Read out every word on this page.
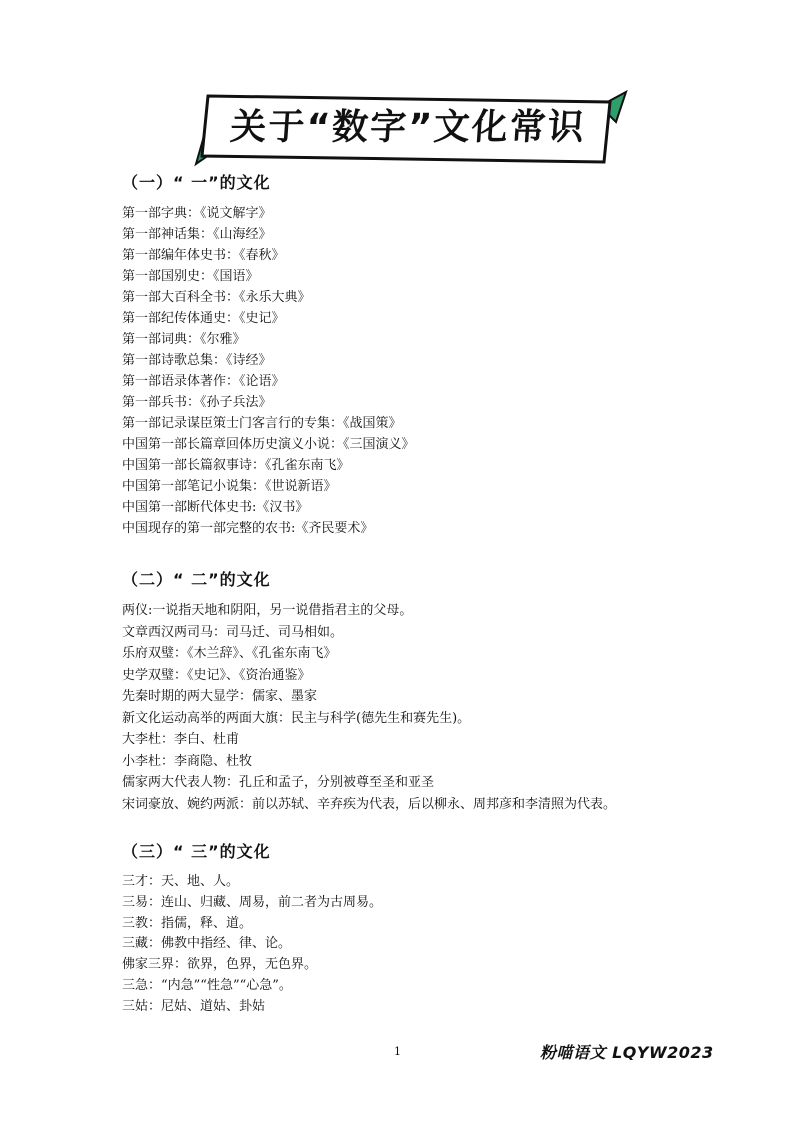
关于“数字”文化常识
（一）“ 一”的文化
第一部字典：《说文解字》
第一部神话集：《山海经》
第一部编年体史书：《春秋》
第一部国别史：《国语》
第一部大百科全书：《永乐大典》
第一部纪传体通史：《史记》
第一部词典：《尔雅》
第一部诗歌总集：《诗经》
第一部语录体著作：《论语》
第一部兵书：《孙子兵法》
第一部记录谋臣策士门客言行的专集：《战国策》
中国第一部长篇章回体历史演义小说：《三国演义》
中国第一部长篇叙事诗：《孔雀东南飞》
中国第一部笔记小说集：《世说新语》
中国第一部断代体史书:《汉书》
中国现存的第一部完整的农书:《齐民要术》
（二）“ 二”的文化
两仪:一说指天地和阴阳，另一说借指君主的父母。
文章西汉两司马：司马迁、司马相如。
乐府双璧：《木兰辞》、《孔雀东南飞》
史学双璧：《史记》、《资治通鉴》
先秦时期的两大显学：儒家、墨家
新文化运动高举的两面大旗：民主与科学(德先生和赛先生)。
大李杜：李白、杜甫
小李杜：李商隐、杜牧
儒家两大代表人物：孔丘和孟子，分别被尊至圣和亚圣
宋词豪放、婉约两派：前以苏轼、辛弃疾为代表，后以柳永、周邦彦和李清照为代表。
（三）“ 三”的文化
三才：天、地、人。
三易：连山、归藏、周易，前二者为古周易。
三教：指儒，释、道。
三藏：佛教中指经、律、论。
佛家三界：欲界，色界，无色界。
三急：“内急”“性急”“心急”。
三姑：尼姑、道姑、卦姑
1	粉喵语文 LQYW2023
